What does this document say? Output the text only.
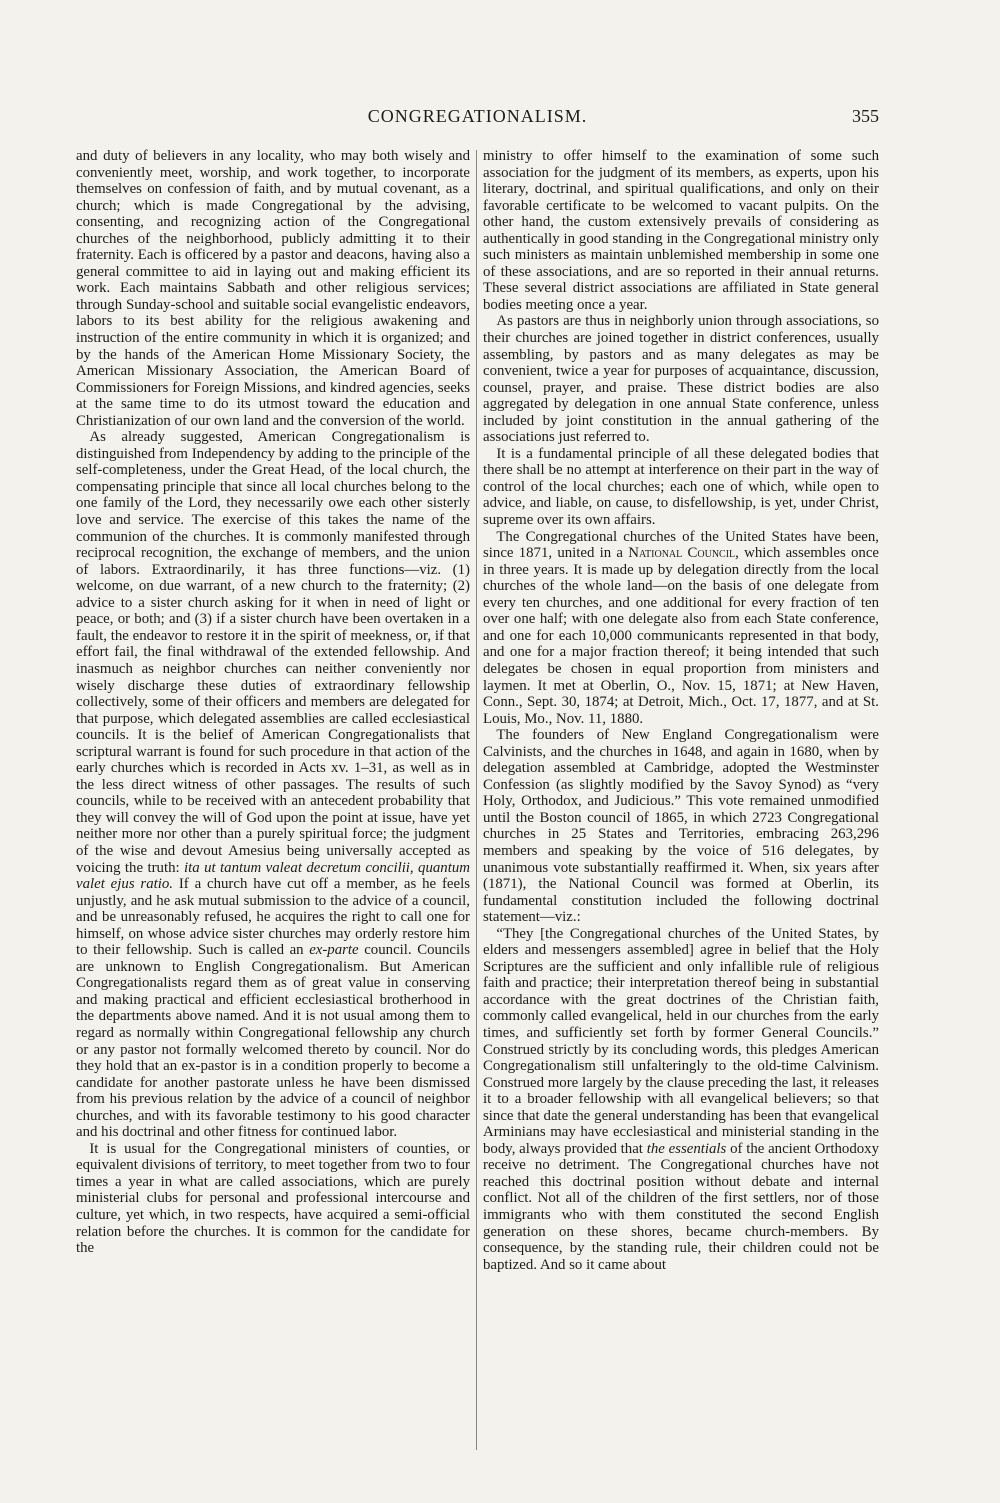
CONGREGATIONALISM.	355

and duty of believers in any locality, who may both wisely and conveniently meet, worship, and work together, to incorporate themselves on confession of faith, and by mutual covenant, as a church; which is made Congregational by the advising, consenting, and recognizing action of the Congregational churches of the neighborhood, publicly admitting it to their fraternity. Each is officered by a pastor and deacons, having also a general committee to aid in laying out and making efficient its work. Each maintains Sabbath and other religious services; through Sunday-school and suitable social evangelistic endeavors, labors to its best ability for the religious awakening and instruction of the entire community in which it is organized; and by the hands of the American Home Missionary Society, the American Missionary Association, the American Board of Commissioners for Foreign Missions, and kindred agencies, seeks at the same time to do its utmost toward the education and Christianization of our own land and the conversion of the world.

As already suggested, American Congregationalism is distinguished from Independency by adding to the principle of the self-completeness, under the Great Head, of the local church, the compensating principle that since all local churches belong to the one family of the Lord, they necessarily owe each other sisterly love and service. The exercise of this takes the name of the communion of the churches. It is commonly manifested through reciprocal recognition, the exchange of members, and the union of labors. Extraordinarily, it has three functions—viz. (1) welcome, on due warrant, of a new church to the fraternity; (2) advice to a sister church asking for it when in need of light or peace, or both; and (3) if a sister church have been overtaken in a fault, the endeavor to restore it in the spirit of meekness, or, if that effort fail, the final withdrawal of the extended fellowship. And inasmuch as neighbor churches can neither conveniently nor wisely discharge these duties of extraordinary fellowship collectively, some of their officers and members are delegated for that purpose, which delegated assemblies are called ecclesiastical councils. It is the belief of American Congregationalists that scriptural warrant is found for such procedure in that action of the early churches which is recorded in Acts xv. 1–31, as well as in the less direct witness of other passages. The results of such councils, while to be received with an antecedent probability that they will convey the will of God upon the point at issue, have yet neither more nor other than a purely spiritual force; the judgment of the wise and devout Amesius being universally accepted as voicing the truth: ita ut tantum valeat decretum concilii, quantum valet ejus ratio. If a church have cut off a member, as he feels unjustly, and he ask mutual submission to the advice of a council, and be unreasonably refused, he acquires the right to call one for himself, on whose advice sister churches may orderly restore him to their fellowship. Such is called an ex-parte council. Councils are unknown to English Congregationalism. But American Congregationalists regard them as of great value in conserving and making practical and efficient ecclesiastical brotherhood in the departments above named. And it is not usual among them to regard as normally within Congregational fellowship any church or any pastor not formally welcomed thereto by council. Nor do they hold that an ex-pastor is in a condition properly to become a candidate for another pastorate unless he have been dismissed from his previous relation by the advice of a council of neighbor churches, and with its favorable testimony to his good character and his doctrinal and other fitness for continued labor.

It is usual for the Congregational ministers of counties, or equivalent divisions of territory, to meet together from two to four times a year in what are called associations, which are purely ministerial clubs for personal and professional intercourse and culture, yet which, in two respects, have acquired a semi-official relation before the churches. It is common for the candidate for the

ministry to offer himself to the examination of some such association for the judgment of its members, as experts, upon his literary, doctrinal, and spiritual qualifications, and only on their favorable certificate to be welcomed to vacant pulpits. On the other hand, the custom extensively prevails of considering as authentically in good standing in the Congregational ministry only such ministers as maintain unblemished membership in some one of these associations, and are so reported in their annual returns. These several district associations are affiliated in State general bodies meeting once a year.

As pastors are thus in neighborly union through associations, so their churches are joined together in district conferences, usually assembling, by pastors and as many delegates as may be convenient, twice a year for purposes of acquaintance, discussion, counsel, prayer, and praise. These district bodies are also aggregated by delegation in one annual State conference, unless included by joint constitution in the annual gathering of the associations just referred to.

It is a fundamental principle of all these delegated bodies that there shall be no attempt at interference on their part in the way of control of the local churches; each one of which, while open to advice, and liable, on cause, to disfellowship, is yet, under Christ, supreme over its own affairs.

The Congregational churches of the United States have been, since 1871, united in a National Council, which assembles once in three years. It is made up by delegation directly from the local churches of the whole land—on the basis of one delegate from every ten churches, and one additional for every fraction of ten over one half; with one delegate also from each State conference, and one for each 10,000 communicants represented in that body, and one for a major fraction thereof; it being intended that such delegates be chosen in equal proportion from ministers and laymen. It met at Oberlin, O., Nov. 15, 1871; at New Haven, Conn., Sept. 30, 1874; at Detroit, Mich., Oct. 17, 1877, and at St. Louis, Mo., Nov. 11, 1880.

The founders of New England Congregationalism were Calvinists, and the churches in 1648, and again in 1680, when by delegation assembled at Cambridge, adopted the Westminster Confession (as slightly modified by the Savoy Synod) as “very Holy, Orthodox, and Judicious.” This vote remained unmodified until the Boston council of 1865, in which 2723 Congregational churches in 25 States and Territories, embracing 263,296 members and speaking by the voice of 516 delegates, by unanimous vote substantially reaffirmed it. When, six years after (1871), the National Council was formed at Oberlin, its fundamental constitution included the following doctrinal statement—viz.:

“They [the Congregational churches of the United States, by elders and messengers assembled] agree in belief that the Holy Scriptures are the sufficient and only infallible rule of religious faith and practice; their interpretation thereof being in substantial accordance with the great doctrines of the Christian faith, commonly called evangelical, held in our churches from the early times, and sufficiently set forth by former General Councils.” Construed strictly by its concluding words, this pledges American Congregationalism still unfalteringly to the old-time Calvinism. Construed more largely by the clause preceding the last, it releases it to a broader fellowship with all evangelical believers; so that since that date the general understanding has been that evangelical Arminians may have ecclesiastical and ministerial standing in the body, always provided that the essentials of the ancient Orthodoxy receive no detriment. The Congregational churches have not reached this doctrinal position without debate and internal conflict. Not all of the children of the first settlers, nor of those immigrants who with them constituted the second English generation on these shores, became church-members. By consequence, by the standing rule, their children could not be baptized. And so it came about
